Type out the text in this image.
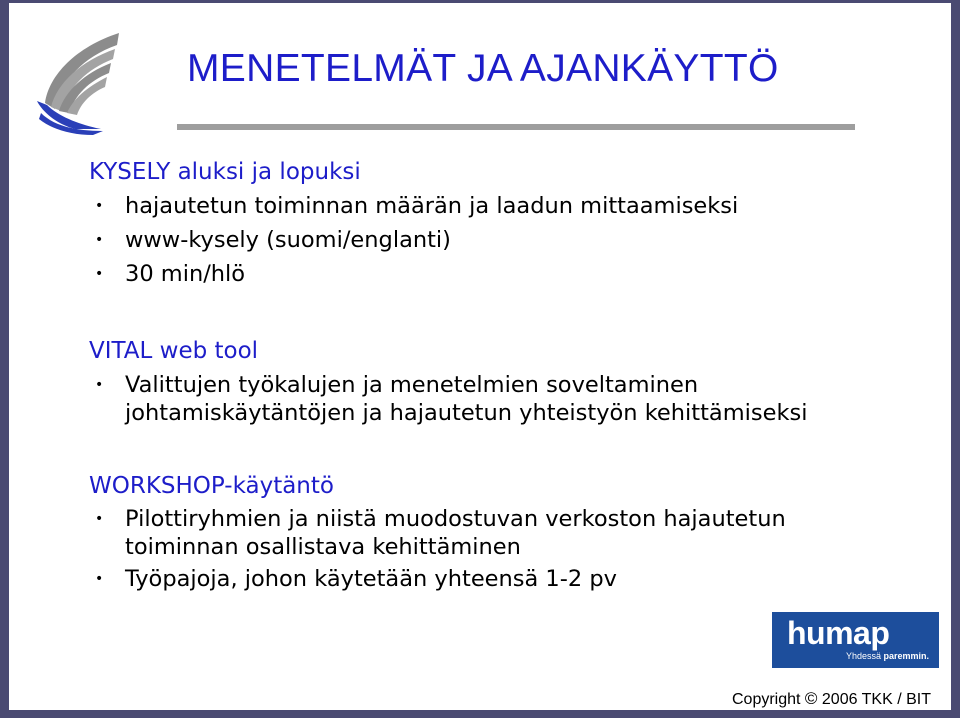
MENETELMÄT JA AJANKÄYTTÖ
KYSELY aluksi ja lopuksi
• hajautetun toiminnan määrän ja laadun mittaamiseksi
• www-kysely (suomi/englanti)
• 30 min/hlö
VITAL web tool
• Valittujen työkalujen ja menetelmien soveltaminen
johtamiskäytäntöjen ja hajautetun yhteistyön kehittämiseksi
WORKSHOP-käytäntö
• Pilottiryhmien ja niistä muodostuvan verkoston hajautetun
toiminnan osallistava kehittäminen
• Työpajoja, johon käytetään yhteensä 1-2 pv
humap
Yhdessä paremmin.
Copyright © 2006 TKK / BIT
